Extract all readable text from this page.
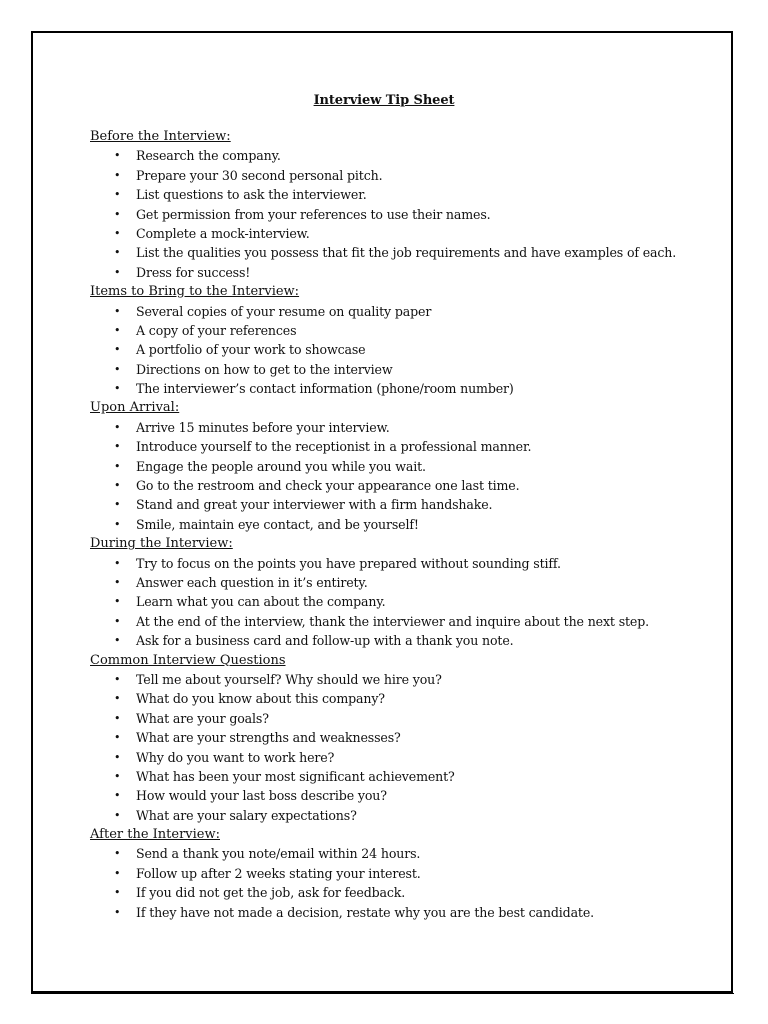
Interview Tip Sheet
Before the Interview:
• Research the company.
• Prepare your 30 second personal pitch.
• List questions to ask the interviewer.
• Get permission from your references to use their names.
• Complete a mock-interview.
• List the qualities you possess that fit the job requirements and have examples of each.
• Dress for success!
Items to Bring to the Interview:
• Several copies of your resume on quality paper
• A copy of your references
• A portfolio of your work to showcase
• Directions on how to get to the interview
• The interviewer’s contact information (phone/room number)
Upon Arrival:
• Arrive 15 minutes before your interview.
• Introduce yourself to the receptionist in a professional manner.
• Engage the people around you while you wait.
• Go to the restroom and check your appearance one last time.
• Stand and great your interviewer with a firm handshake.
• Smile, maintain eye contact, and be yourself!
During the Interview:
• Try to focus on the points you have prepared without sounding stiff.
• Answer each question in it’s entirety.
• Learn what you can about the company.
• At the end of the interview, thank the interviewer and inquire about the next step.
• Ask for a business card and follow-up with a thank you note.
Common Interview Questions
• Tell me about yourself? Why should we hire you?
• What do you know about this company?
• What are your goals?
• What are your strengths and weaknesses?
• Why do you want to work here?
• What has been your most significant achievement?
• How would your last boss describe you?
• What are your salary expectations?
After the Interview:
• Send a thank you note/email within 24 hours.
• Follow up after 2 weeks stating your interest.
• If you did not get the job, ask for feedback.
• If they have not made a decision, restate why you are the best candidate.
